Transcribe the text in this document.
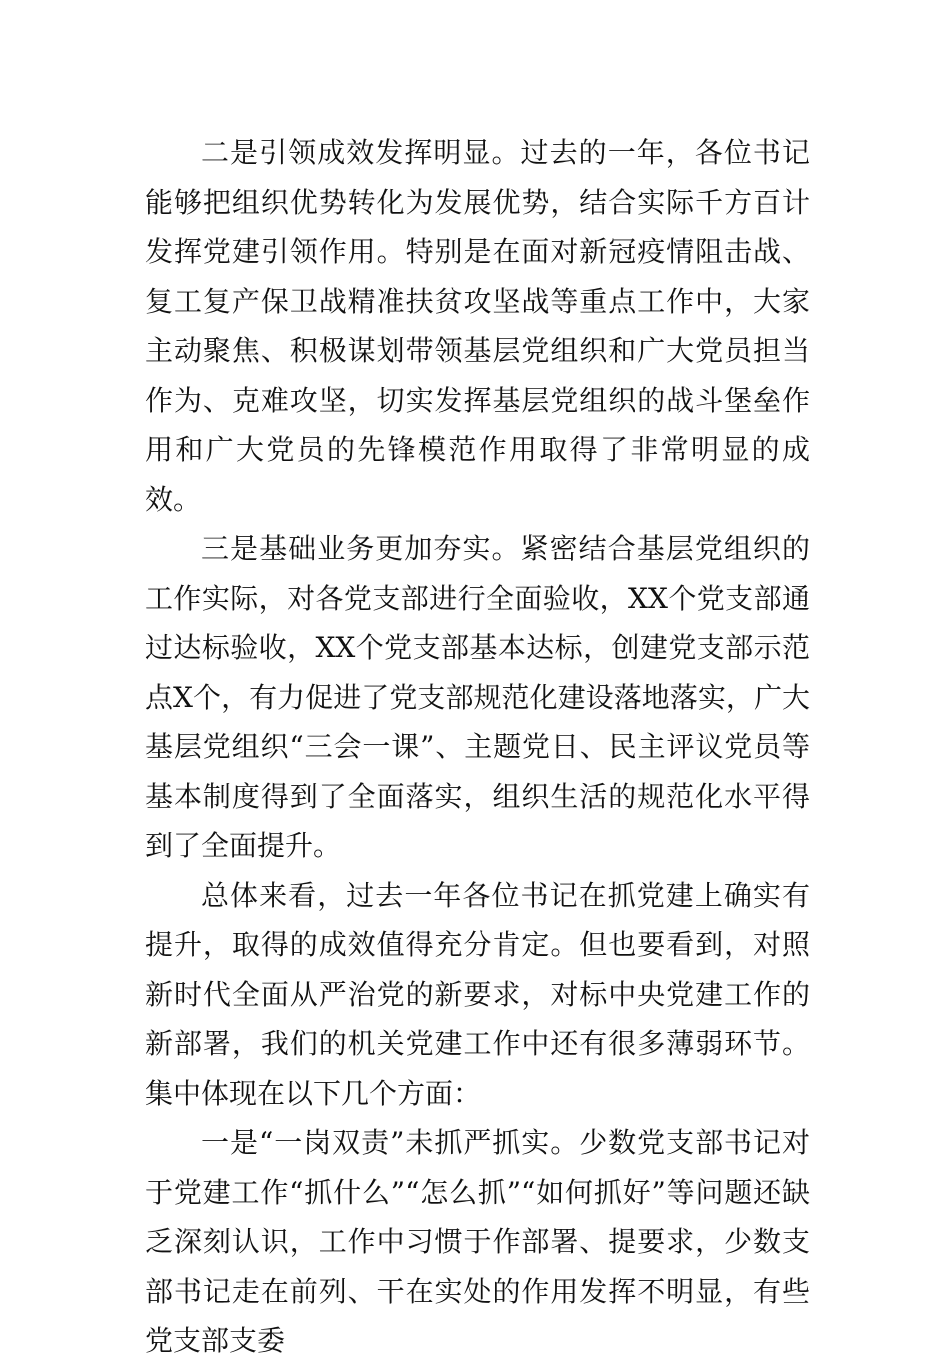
二是引领成效发挥明显。过去的一年，各位书记能够把组织优势转化为发展优势，结合实际千方百计发挥党建引领作用。特别是在面对新冠疫情阻击战、复工复产保卫战精准扶贫攻坚战等重点工作中，大家主动聚焦、积极谋划带领基层党组织和广大党员担当作为、克难攻坚，切实发挥基层党组织的战斗堡垒作用和广大党员的先锋模范作用取得了非常明显的成效。

三是基础业务更加夯实。紧密结合基层党组织的工作实际，对各党支部进行全面验收，XX个党支部通过达标验收，XX个党支部基本达标，创建党支部示范点X个，有力促进了党支部规范化建设落地落实，广大基层党组织“三会一课”、主题党日、民主评议党员等基本制度得到了全面落实，组织生活的规范化水平得到了全面提升。

总体来看，过去一年各位书记在抓党建上确实有提升，取得的成效值得充分肯定。但也要看到，对照新时代全面从严治党的新要求，对标中央党建工作的新部署，我们的机关党建工作中还有很多薄弱环节。集中体现在以下几个方面：

一是“一岗双责”未抓严抓实。少数党支部书记对于党建工作“抓什么”“怎么抓”“如何抓好”等问题还缺乏深刻认识，工作中习惯于作部署、提要求，少数支部书记走在前列、干在实处的作用发挥不明显，有些党支部支委
